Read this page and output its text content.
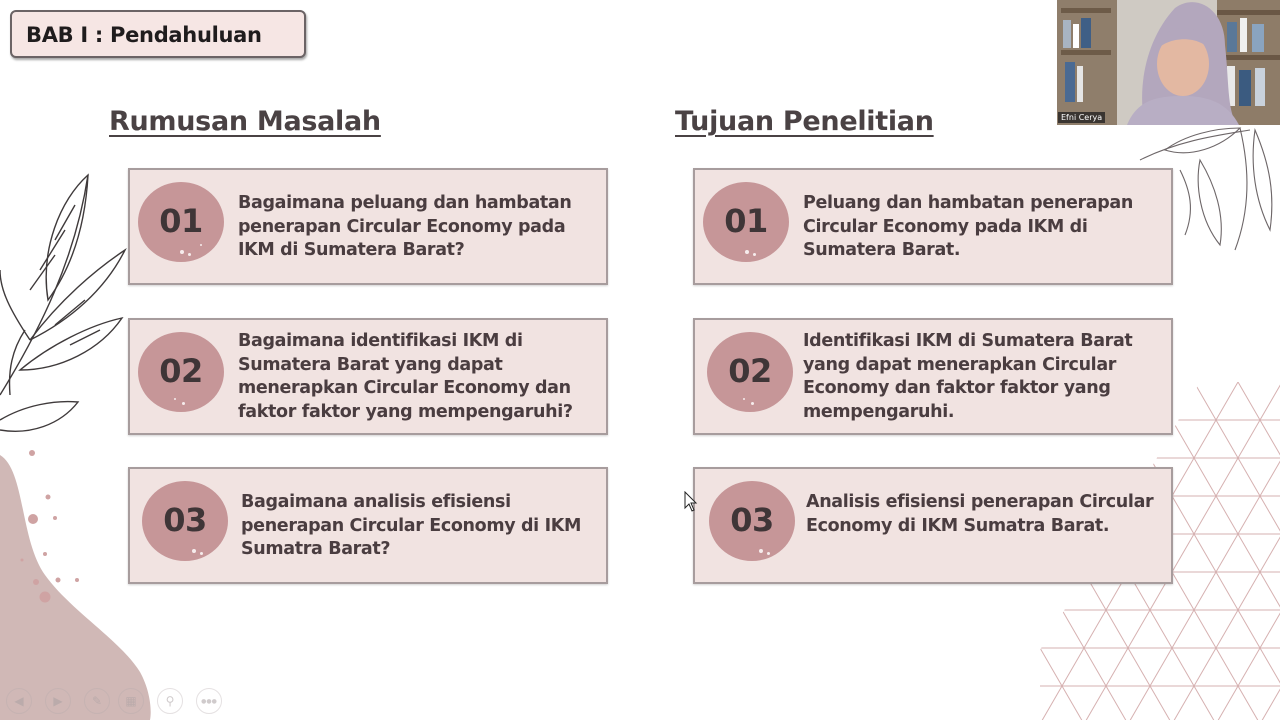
BAB I : Pendahuluan
Rumusan Masalah	Tujuan Penelitian
01	Bagaimana peluang dan hambatan penerapan Circular Economy pada IKM di Sumatera Barat?
02
Bagaimana identifikasi IKM di Sumatera Barat yang dapat menerapkan Circular Economy dan faktor faktor yang mempengaruhi?
03	Bagaimana analisis efisiensi penerapan Circular Economy di IKM Sumatra Barat?
01	Peluang dan hambatan penerapan Circular Economy pada IKM di Sumatera Barat.
02
Identifikasi IKM di Sumatera Barat yang dapat menerapkan Circular Economy dan faktor faktor yang mempengaruhi.
03	Analisis efisiensi penerapan Circular Economy di IKM Sumatra Barat.
Efni Cerya
◀	▶	✎	▦	⚲	●●●
